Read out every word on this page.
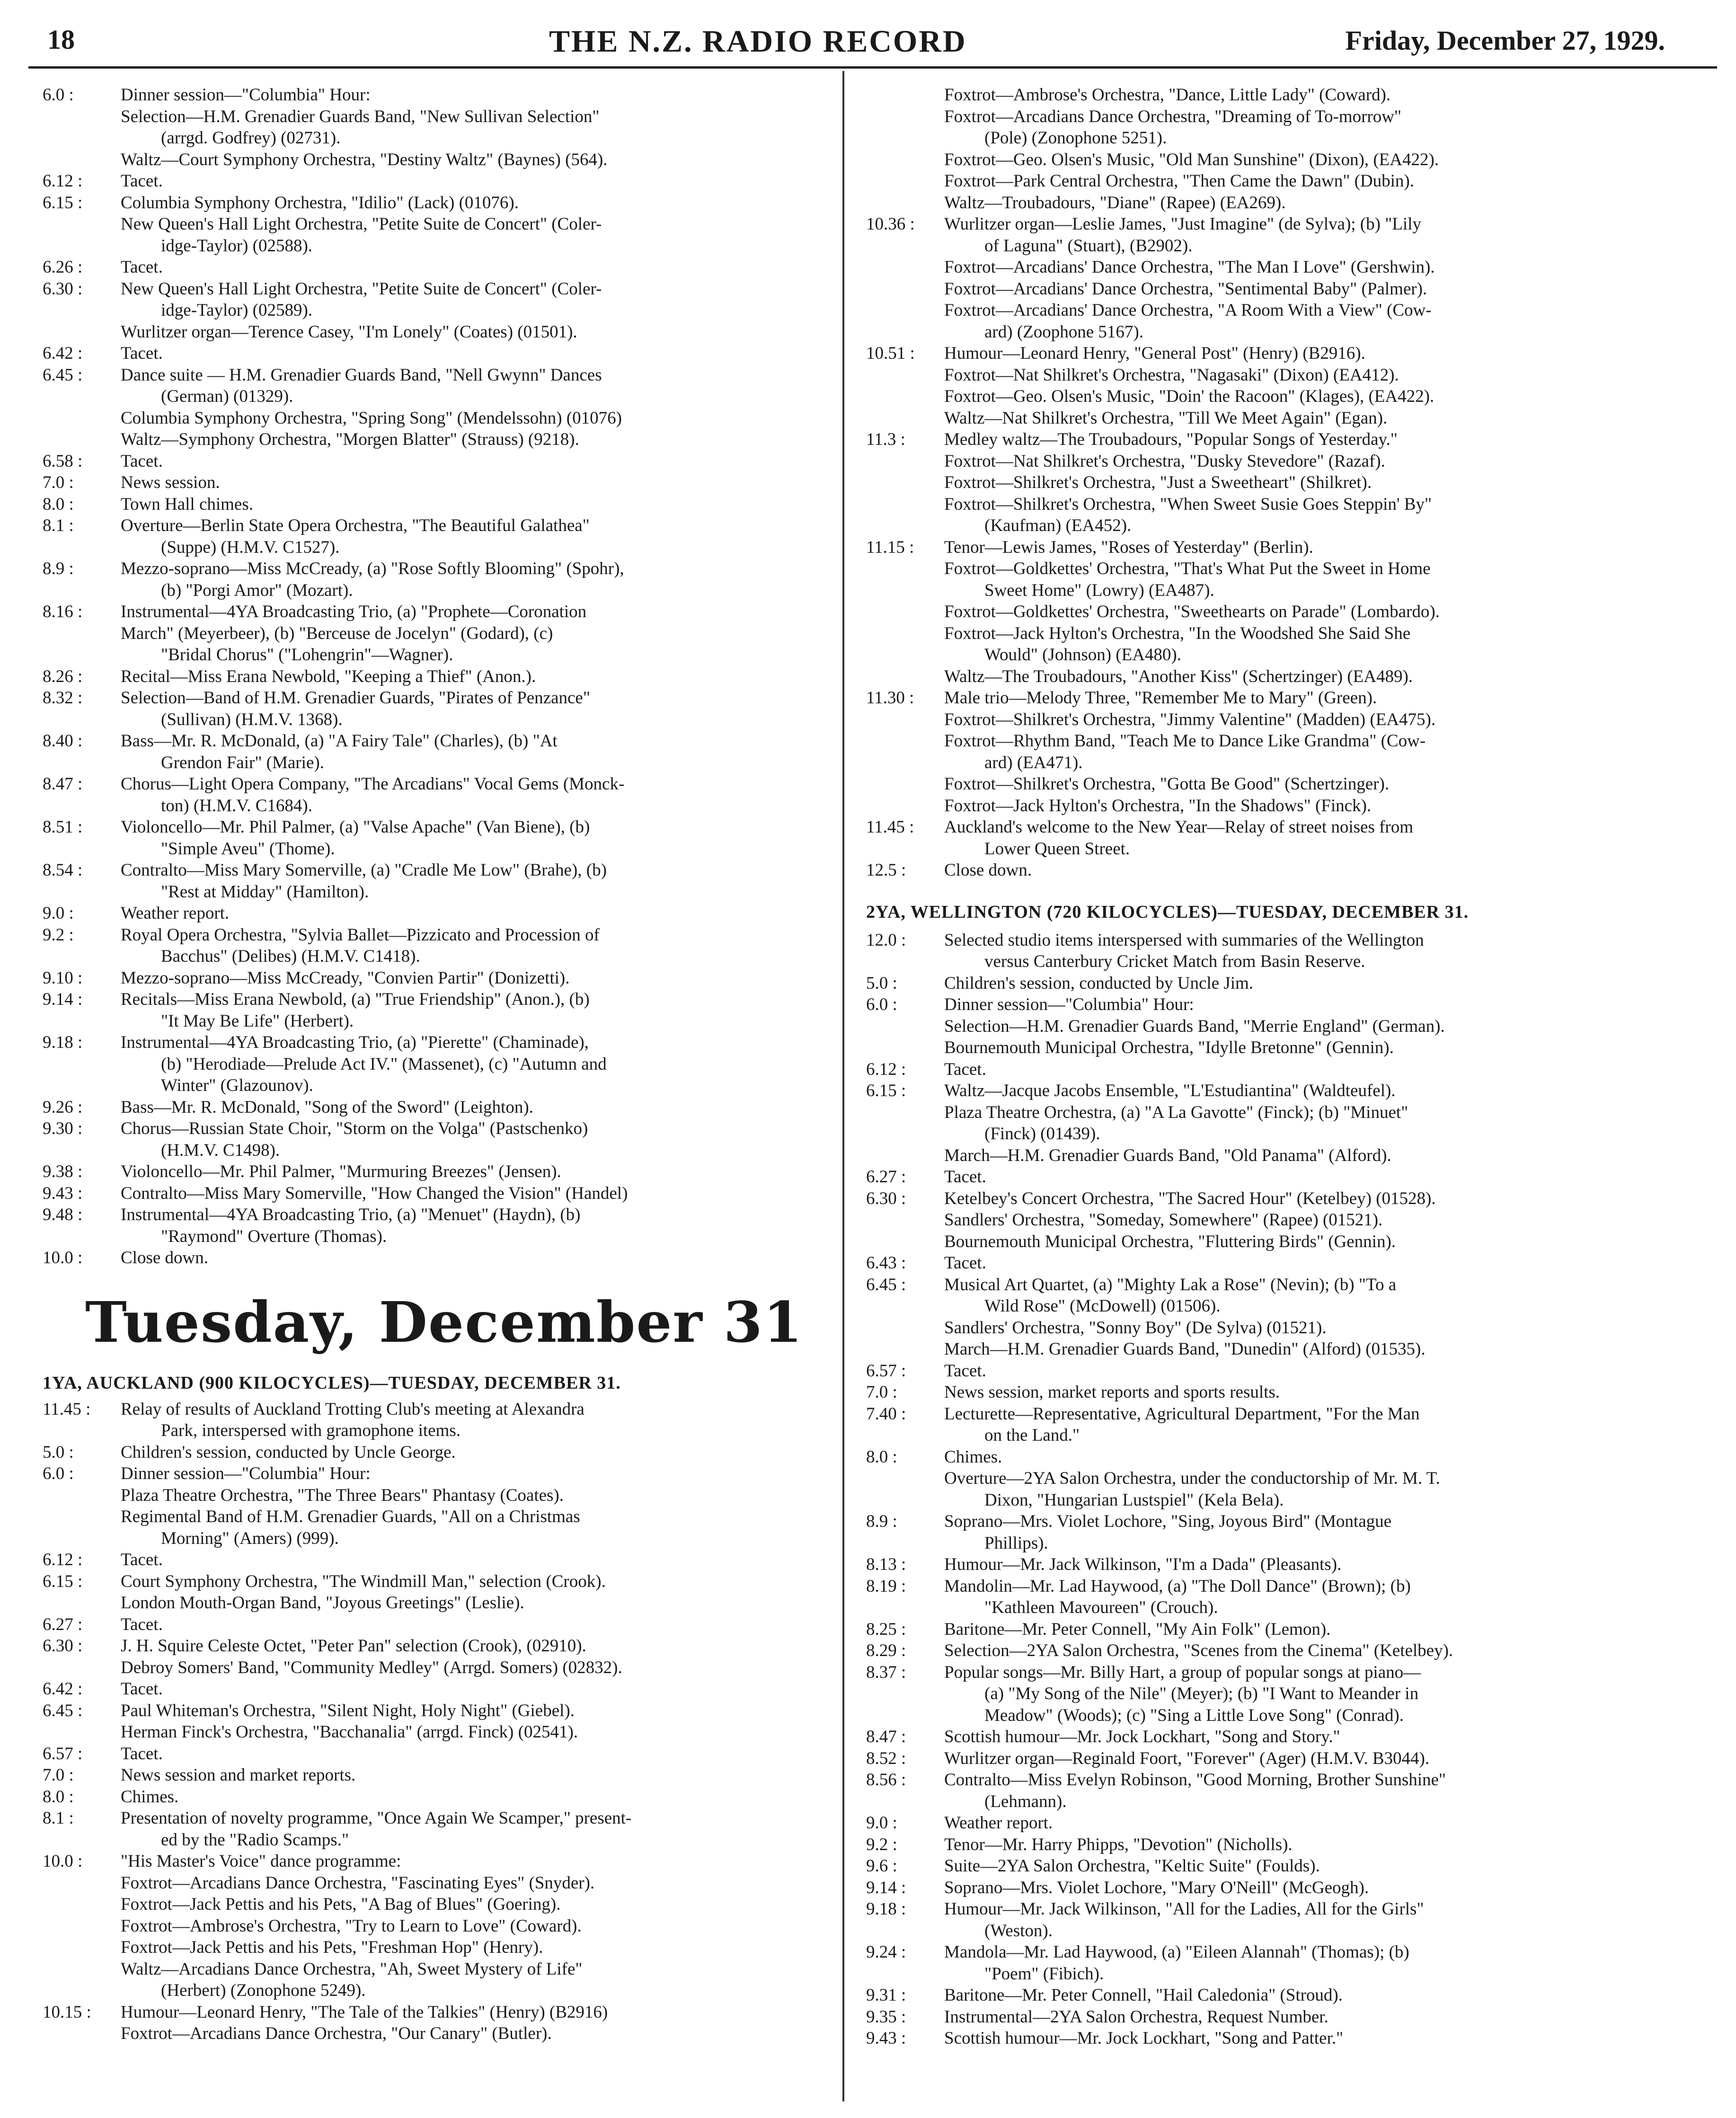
18	THE N.Z. RADIO RECORD	Friday, December 27, 1929.
6.0 :	Dinner session—"Columbia" Hour:
Selection—H.M. Grenadier Guards Band, "New Sullivan Selection"
(arrgd. Godfrey) (02731).
Waltz—Court Symphony Orchestra, "Destiny Waltz" (Baynes) (564).
6.12 :	Tacet.
6.15 :	Columbia Symphony Orchestra, "Idilio" (Lack) (01076).
New Queen's Hall Light Orchestra, "Petite Suite de Concert" (Coler-
idge-Taylor) (02588).
6.26 :	Tacet.
6.30 :	New Queen's Hall Light Orchestra, "Petite Suite de Concert" (Coler-
idge-Taylor) (02589).
Wurlitzer organ—Terence Casey, "I'm Lonely" (Coates) (01501).
6.42 :	Tacet.
6.45 :	Dance suite — H.M. Grenadier Guards Band, "Nell Gwynn" Dances
(German) (01329).
Columbia Symphony Orchestra, "Spring Song" (Mendelssohn) (01076)
Waltz—Symphony Orchestra, "Morgen Blatter" (Strauss) (9218).
6.58 :	Tacet.
7.0 :	News session.
8.0 :	Town Hall chimes.
8.1 :	Overture—Berlin State Opera Orchestra, "The Beautiful Galathea"
(Suppe) (H.M.V. C1527).
8.9 :	Mezzo-soprano—Miss McCready, (a) "Rose Softly Blooming" (Spohr),
(b) "Porgi Amor" (Mozart).
8.16 :	Instrumental—4YA Broadcasting Trio, (a) "Prophete—Coronation
March" (Meyerbeer), (b) "Berceuse de Jocelyn" (Godard), (c)
"Bridal Chorus" ("Lohengrin"—Wagner).
8.26 :	Recital—Miss Erana Newbold, "Keeping a Thief" (Anon.).
8.32 :	Selection—Band of H.M. Grenadier Guards, "Pirates of Penzance"
(Sullivan) (H.M.V. 1368).
8.40 :	Bass—Mr. R. McDonald, (a) "A Fairy Tale" (Charles), (b) "At
Grendon Fair" (Marie).
8.47 :	Chorus—Light Opera Company, "The Arcadians" Vocal Gems (Monck-
ton) (H.M.V. C1684).
8.51 :	Violoncello—Mr. Phil Palmer, (a) "Valse Apache" (Van Biene), (b)
"Simple Aveu" (Thome).
8.54 :	Contralto—Miss Mary Somerville, (a) "Cradle Me Low" (Brahe), (b)
"Rest at Midday" (Hamilton).
9.0 :	Weather report.
9.2 :	Royal Opera Orchestra, "Sylvia Ballet—Pizzicato and Procession of
Bacchus" (Delibes) (H.M.V. C1418).
9.10 :	Mezzo-soprano—Miss McCready, "Convien Partir" (Donizetti).
9.14 :	Recitals—Miss Erana Newbold, (a) "True Friendship" (Anon.), (b)
"It May Be Life" (Herbert).
9.18 :	Instrumental—4YA Broadcasting Trio, (a) "Pierette" (Chaminade),
(b) "Herodiade—Prelude Act IV." (Massenet), (c) "Autumn and
Winter" (Glazounov).
9.26 :	Bass—Mr. R. McDonald, "Song of the Sword" (Leighton).
9.30 :	Chorus—Russian State Choir, "Storm on the Volga" (Pastschenko)
(H.M.V. C1498).
9.38 :	Violoncello—Mr. Phil Palmer, "Murmuring Breezes" (Jensen).
9.43 :	Contralto—Miss Mary Somerville, "How Changed the Vision" (Handel)
9.48 :	Instrumental—4YA Broadcasting Trio, (a) "Menuet" (Haydn), (b)
"Raymond" Overture (Thomas).
10.0 :	Close down.
Tuesday, December 31
1YA, AUCKLAND (900 KILOCYCLES)—TUESDAY, DECEMBER 31.
11.45 :	Relay of results of Auckland Trotting Club's meeting at Alexandra
Park, interspersed with gramophone items.
5.0 :	Children's session, conducted by Uncle George.
6.0 :	Dinner session—"Columbia" Hour:
Plaza Theatre Orchestra, "The Three Bears" Phantasy (Coates).
Regimental Band of H.M. Grenadier Guards, "All on a Christmas
Morning" (Amers) (999).
6.12 :	Tacet.
6.15 :	Court Symphony Orchestra, "The Windmill Man," selection (Crook).
London Mouth-Organ Band, "Joyous Greetings" (Leslie).
6.27 :	Tacet.
6.30 :	J. H. Squire Celeste Octet, "Peter Pan" selection (Crook), (02910).
Debroy Somers' Band, "Community Medley" (Arrgd. Somers) (02832).
6.42 :	Tacet.
6.45 :	Paul Whiteman's Orchestra, "Silent Night, Holy Night" (Giebel).
Herman Finck's Orchestra, "Bacchanalia" (arrgd. Finck) (02541).
6.57 :	Tacet.
7.0 :	News session and market reports.
8.0 :	Chimes.
8.1 :	Presentation of novelty programme, "Once Again We Scamper," present-
ed by the "Radio Scamps."
10.0 :	"His Master's Voice" dance programme:
Foxtrot—Arcadians Dance Orchestra, "Fascinating Eyes" (Snyder).
Foxtrot—Jack Pettis and his Pets, "A Bag of Blues" (Goering).
Foxtrot—Ambrose's Orchestra, "Try to Learn to Love" (Coward).
Foxtrot—Jack Pettis and his Pets, "Freshman Hop" (Henry).
Waltz—Arcadians Dance Orchestra, "Ah, Sweet Mystery of Life"
(Herbert) (Zonophone 5249).
10.15 :	Humour—Leonard Henry, "The Tale of the Talkies" (Henry) (B2916)
Foxtrot—Arcadians Dance Orchestra, "Our Canary" (Butler).
Foxtrot—Ambrose's Orchestra, "Dance, Little Lady" (Coward).
Foxtrot—Arcadians Dance Orchestra, "Dreaming of To-morrow"
(Pole) (Zonophone 5251).
Foxtrot—Geo. Olsen's Music, "Old Man Sunshine" (Dixon), (EA422).
Foxtrot—Park Central Orchestra, "Then Came the Dawn" (Dubin).
Waltz—Troubadours, "Diane" (Rapee) (EA269).
10.36 :	Wurlitzer organ—Leslie James, "Just Imagine" (de Sylva); (b) "Lily
of Laguna" (Stuart), (B2902).
Foxtrot—Arcadians' Dance Orchestra, "The Man I Love" (Gershwin).
Foxtrot—Arcadians' Dance Orchestra, "Sentimental Baby" (Palmer).
Foxtrot—Arcadians' Dance Orchestra, "A Room With a View" (Cow-
ard) (Zoophone 5167).
10.51 :	Humour—Leonard Henry, "General Post" (Henry) (B2916).
Foxtrot—Nat Shilkret's Orchestra, "Nagasaki" (Dixon) (EA412).
Foxtrot—Geo. Olsen's Music, "Doin' the Racoon" (Klages), (EA422).
Waltz—Nat Shilkret's Orchestra, "Till We Meet Again" (Egan).
11.3 :	Medley waltz—The Troubadours, "Popular Songs of Yesterday."
Foxtrot—Nat Shilkret's Orchestra, "Dusky Stevedore" (Razaf).
Foxtrot—Shilkret's Orchestra, "Just a Sweetheart" (Shilkret).
Foxtrot—Shilkret's Orchestra, "When Sweet Susie Goes Steppin' By"
(Kaufman) (EA452).
11.15 :	Tenor—Lewis James, "Roses of Yesterday" (Berlin).
Foxtrot—Goldkettes' Orchestra, "That's What Put the Sweet in Home
Sweet Home" (Lowry) (EA487).
Foxtrot—Goldkettes' Orchestra, "Sweethearts on Parade" (Lombardo).
Foxtrot—Jack Hylton's Orchestra, "In the Woodshed She Said She
Would" (Johnson) (EA480).
Waltz—The Troubadours, "Another Kiss" (Schertzinger) (EA489).
11.30 :	Male trio—Melody Three, "Remember Me to Mary" (Green).
Foxtrot—Shilkret's Orchestra, "Jimmy Valentine" (Madden) (EA475).
Foxtrot—Rhythm Band, "Teach Me to Dance Like Grandma" (Cow-
ard) (EA471).
Foxtrot—Shilkret's Orchestra, "Gotta Be Good" (Schertzinger).
Foxtrot—Jack Hylton's Orchestra, "In the Shadows" (Finck).
11.45 :	Auckland's welcome to the New Year—Relay of street noises from
Lower Queen Street.
12.5 :	Close down.
2YA, WELLINGTON (720 KILOCYCLES)—TUESDAY, DECEMBER 31.
12.0 :	Selected studio items interspersed with summaries of the Wellington
versus Canterbury Cricket Match from Basin Reserve.
5.0 :	Children's session, conducted by Uncle Jim.
6.0 :	Dinner session—"Columbia" Hour:
Selection—H.M. Grenadier Guards Band, "Merrie England" (German).
Bournemouth Municipal Orchestra, "Idylle Bretonne" (Gennin).
6.12 :	Tacet.
6.15 :	Waltz—Jacque Jacobs Ensemble, "L'Estudiantina" (Waldteufel).
Plaza Theatre Orchestra, (a) "A La Gavotte" (Finck); (b) "Minuet"
(Finck) (01439).
March—H.M. Grenadier Guards Band, "Old Panama" (Alford).
6.27 :	Tacet.
6.30 :	Ketelbey's Concert Orchestra, "The Sacred Hour" (Ketelbey) (01528).
Sandlers' Orchestra, "Someday, Somewhere" (Rapee) (01521).
Bournemouth Municipal Orchestra, "Fluttering Birds" (Gennin).
6.43 :	Tacet.
6.45 :	Musical Art Quartet, (a) "Mighty Lak a Rose" (Nevin); (b) "To a
Wild Rose" (McDowell) (01506).
Sandlers' Orchestra, "Sonny Boy" (De Sylva) (01521).
March—H.M. Grenadier Guards Band, "Dunedin" (Alford) (01535).
6.57 :	Tacet.
7.0 :	News session, market reports and sports results.
7.40 :	Lecturette—Representative, Agricultural Department, "For the Man
on the Land."
8.0 :	Chimes.
Overture—2YA Salon Orchestra, under the conductorship of Mr. M. T.
Dixon, "Hungarian Lustspiel" (Kela Bela).
8.9 :	Soprano—Mrs. Violet Lochore, "Sing, Joyous Bird" (Montague
Phillips).
8.13 :	Humour—Mr. Jack Wilkinson, "I'm a Dada" (Pleasants).
8.19 :	Mandolin—Mr. Lad Haywood, (a) "The Doll Dance" (Brown); (b)
"Kathleen Mavoureen" (Crouch).
8.25 :	Baritone—Mr. Peter Connell, "My Ain Folk" (Lemon).
8.29 :	Selection—2YA Salon Orchestra, "Scenes from the Cinema" (Ketelbey).
8.37 :	Popular songs—Mr. Billy Hart, a group of popular songs at piano—
(a) "My Song of the Nile" (Meyer); (b) "I Want to Meander in
Meadow" (Woods); (c) "Sing a Little Love Song" (Conrad).
8.47 :	Scottish humour—Mr. Jock Lockhart, "Song and Story."
8.52 :	Wurlitzer organ—Reginald Foort, "Forever" (Ager) (H.M.V. B3044).
8.56 :	Contralto—Miss Evelyn Robinson, "Good Morning, Brother Sunshine"
(Lehmann).
9.0 :	Weather report.
9.2 :	Tenor—Mr. Harry Phipps, "Devotion" (Nicholls).
9.6 :	Suite—2YA Salon Orchestra, "Keltic Suite" (Foulds).
9.14 :	Soprano—Mrs. Violet Lochore, "Mary O'Neill" (McGeogh).
9.18 :	Humour—Mr. Jack Wilkinson, "All for the Ladies, All for the Girls"
(Weston).
9.24 :	Mandola—Mr. Lad Haywood, (a) "Eileen Alannah" (Thomas); (b)
"Poem" (Fibich).
9.31 :	Baritone—Mr. Peter Connell, "Hail Caledonia" (Stroud).
9.35 :	Instrumental—2YA Salon Orchestra, Request Number.
9.43 :	Scottish humour—Mr. Jock Lockhart, "Song and Patter."
